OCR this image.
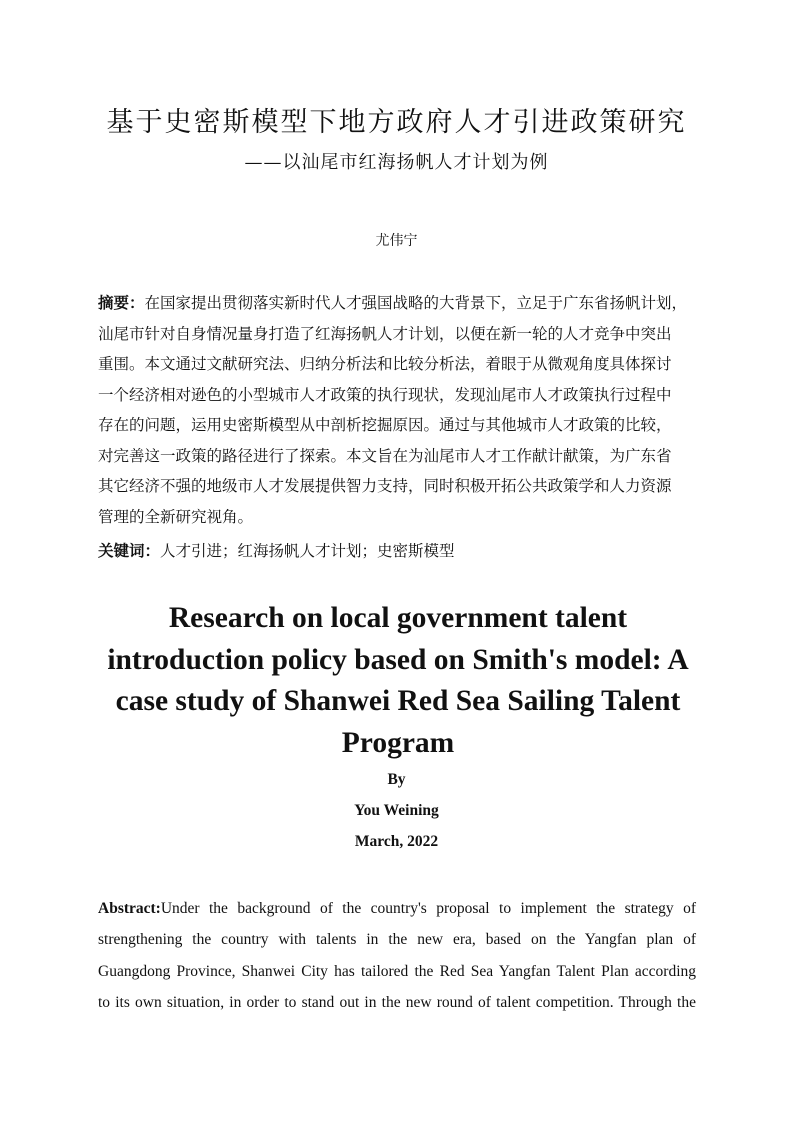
基于史密斯模型下地方政府人才引进政策研究
——以汕尾市红海扬帆人才计划为例
尤伟宁
摘要：在国家提出贯彻落实新时代人才强国战略的大背景下，立足于广东省扬帆计划，
汕尾市针对自身情况量身打造了红海扬帆人才计划，以便在新一轮的人才竞争中突出
重围。本文通过文献研究法、归纳分析法和比较分析法，着眼于从微观角度具体探讨
一个经济相对逊色的小型城市人才政策的执行现状，发现汕尾市人才政策执行过程中
存在的问题，运用史密斯模型从中剖析挖掘原因。通过与其他城市人才政策的比较，
对完善这一政策的路径进行了探索。本文旨在为汕尾市人才工作献计献策，为广东省
其它经济不强的地级市人才发展提供智力支持，同时积极开拓公共政策学和人力资源
管理的全新研究视角。
关键词：人才引进；红海扬帆人才计划；史密斯模型
Research on local government talent
introduction policy based on Smith's model: A
case study of Shanwei Red Sea Sailing Talent
Program
By
You Weining
March, 2022
Abstract:Under the background of the country's proposal to implement the strategy of
strengthening the country with talents in the new era, based on the Yangfan plan of
Guangdong Province, Shanwei City has tailored the Red Sea Yangfan Talent Plan according
to its own situation, in order to stand out in the new round of talent competition. Through the
